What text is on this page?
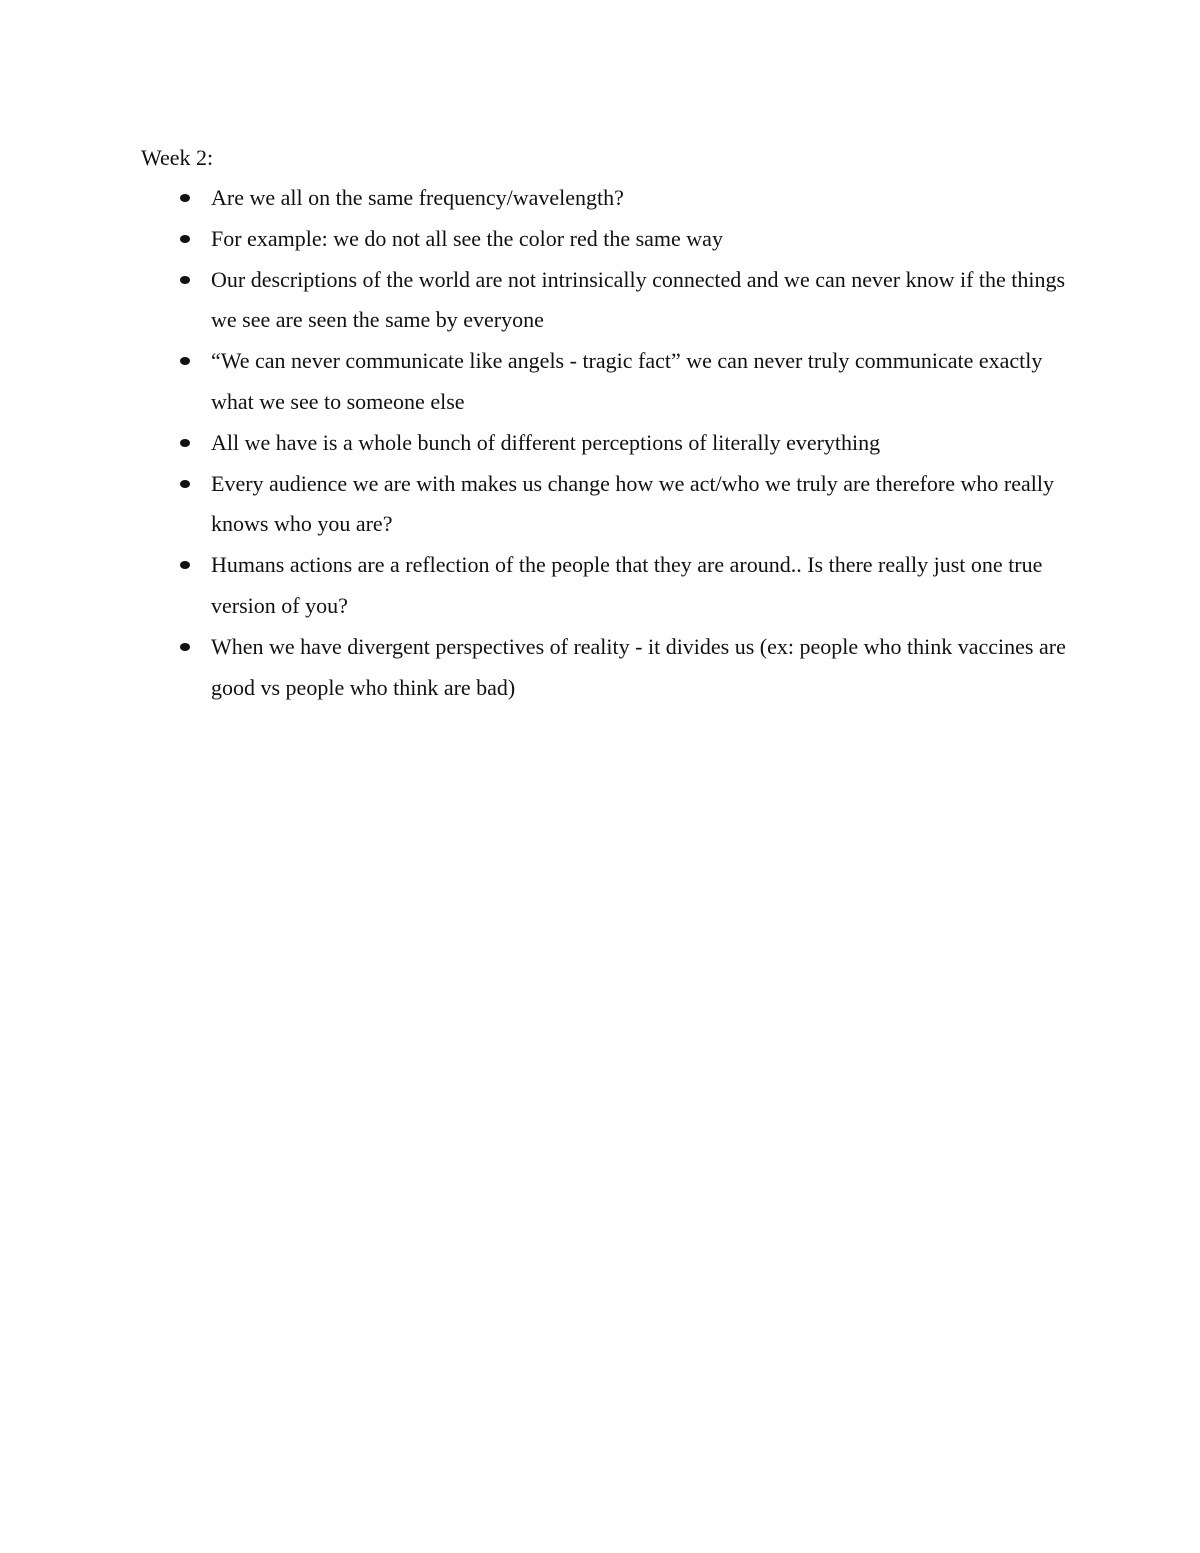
Week 2:

Are we all on the same frequency/wavelength?
For example: we do not all see the color red the same way
Our descriptions of the world are not intrinsically connected and we can never know if the things we see are seen the same by everyone
“We can never communicate like angels - tragic fact” we can never truly communicate exactly what we see to someone else
All we have is a whole bunch of different perceptions of literally everything
Every audience we are with makes us change how we act/who we truly are therefore who really knows who you are?
Humans actions are a reflection of the people that they are around.. Is there really just one true version of you?
When we have divergent perspectives of reality - it divides us (ex: people who think vaccines are good vs people who think are bad)
